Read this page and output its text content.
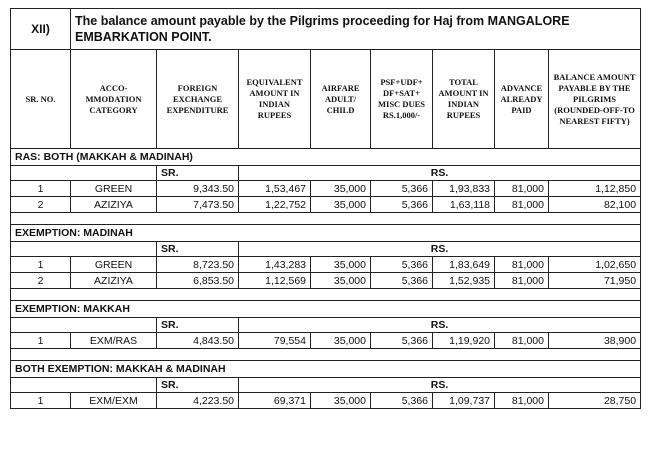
XII)	The balance amount payable by the Pilgrims proceeding for Haj from MANGALORE EMBARKATION POINT.							
SR. NO.	ACCO-MMODATION CATEGORY	FOREIGN EXCHANGE EXPENDITURE	EQUIVALENT AMOUNT IN INDIAN RUPEES	AIRFARE ADULT/ CHILD	PSF+UDF+ DF+SAT+ MISC DUES RS.1,000/-	TOTAL AMOUNT IN INDIAN RUPEES	ADVANCE ALREADY PAID	BALANCE AMOUNT PAYABLE BY THE PILGRIMS (ROUNDED-OFF-TO NEAREST FIFTY)
RAS: BOTH (MAKKAH & MADINAH)								
		SR.	RS.					
1	GREEN	9,343.50	1,53,467	35,000	5,366	1,93,833	81,000	1,12,850
2	AZIZIYA	7,473.50	1,22,752	35,000	5,366	1,63,118	81,000	82,100

EXEMPTION: MADINAH								
		SR.	RS.					
1	GREEN	8,723.50	1,43,283	35,000	5,366	1,83,649	81,000	1,02,650
2	AZIZIYA	6,853.50	1,12,569	35,000	5,366	1,52,935	81,000	71,950

EXEMPTION: MAKKAH								
		SR.	RS.					
1	EXM/RAS	4,843.50	79,554	35,000	5,366	1,19,920	81,000	38,900

BOTH EXEMPTION: MAKKAH & MADINAH								
		SR.	RS.					
1	EXM/EXM	4,223.50	69,371	35,000	5,366	1,09,737	81,000	28,750
